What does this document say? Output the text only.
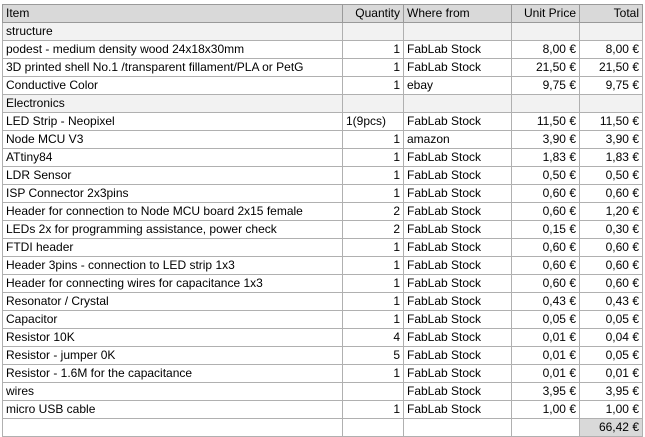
Item	Quantity	Where from	Unit Price	Total
structure				
podest - medium density wood 24x18x30mm	1	FabLab Stock	8,00 €	8,00 €
3D printed shell No.1 /transparent fillament/PLA or PetG	1	FabLab Stock	21,50 €	21,50 €
Conductive Color	1	ebay	9,75 €	9,75 €
Electronics				
LED Strip - Neopixel	1(9pcs)	FabLab Stock	11,50 €	11,50 €
Node MCU V3	1	amazon	3,90 €	3,90 €
ATtiny84	1	FabLab Stock	1,83 €	1,83 €
LDR Sensor	1	FabLab Stock	0,50 €	0,50 €
ISP Connector 2x3pins	1	FabLab Stock	0,60 €	0,60 €
Header for connection to Node MCU board 2x15 female	2	FabLab Stock	0,60 €	1,20 €
LEDs 2x for programming assistance, power check	2	FabLab Stock	0,15 €	0,30 €
FTDI header	1	FabLab Stock	0,60 €	0,60 €
Header 3pins - connection to LED strip 1x3	1	FabLab Stock	0,60 €	0,60 €
Header for connecting wires for capacitance 1x3	1	FabLab Stock	0,60 €	0,60 €
Resonator / Crystal	1	FabLab Stock	0,43 €	0,43 €
Capacitor	1	FabLab Stock	0,05 €	0,05 €
Resistor 10K	4	FabLab Stock	0,01 €	0,04 €
Resistor - jumper 0K	5	FabLab Stock	0,01 €	0,05 €
Resistor - 1.6M for the capacitance	1	FabLab Stock	0,01 €	0,01 €
wires		FabLab Stock	3,95 €	3,95 €
micro USB cable	1	FabLab Stock	1,00 €	1,00 €
				66,42 €
